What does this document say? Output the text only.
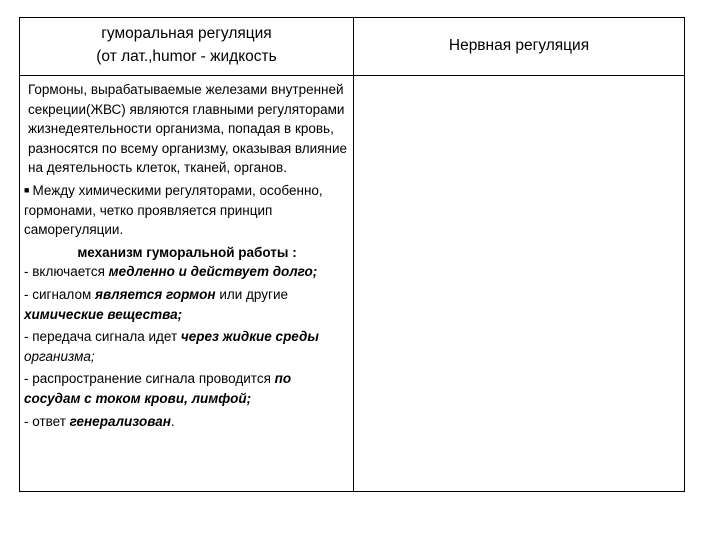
гуморальная регуляция
(от лат.,humor - жидкость
Нервная регуляция

Гормоны, вырабатываемые железами внутренней секреции(ЖВС) являются главными регуляторами жизнедеятельности организма, попадая в кровь, разносятся по всему организму, оказывая влияние на деятельность клеток, тканей, органов.

■ Между химическими регуляторами, особенно, гормонами, четко проявляется принцип саморегуляции.

механизм гуморальной работы :

- включается медленно и действует долго;

- сигналом является гормон или другие химические вещества;

- передача сигнала идет через жидкие среды организма;

- распространение сигнала проводится по сосудам с током крови, лимфой;

- ответ генерализован.
